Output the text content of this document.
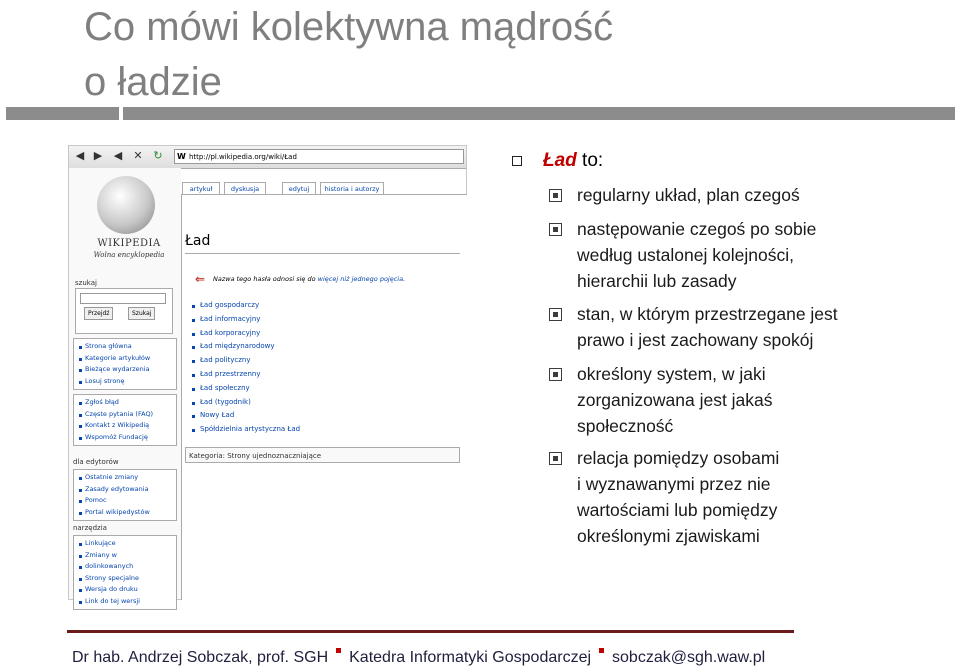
Co mówi kolektywna mądrość
o ładzie
◀ ▶ ◀ ✕ ↻ W http://pl.wikipedia.org/wiki/Ład
WIKIPEDIA
Wolna encyklopedia
szukaj
Przejdź	Szukaj
Strona główna
Kategorie artykułów
Bieżące wydarzenia
Losuj stronę
Zgłoś błąd
Częste pytania (FAQ)
Kontakt z Wikipedią
Wspomóż Fundację
dla edytorów
Ostatnie zmiany
Zasady edytowania
Pomoc
Portal wikipedystów
narzędzia
Linkujące
Zmiany w
dolinkowanych
Strony specjalne
Wersja do druku
Link do tej wersji
artykuł	dyskusja	edytuj	historia i autorzy
Ład
⇐ Nazwa tego hasła odnosi się do więcej niż jednego pojęcia.
Ład gospodarczy
Ład informacyjny
Ład korporacyjny
Ład międzynarodowy
Ład polityczny
Ład przestrzenny
Ład społeczny
Ład (tygodnik)
Nowy Ład
Spółdzielnia artystyczna Ład
Kategoria: Strony ujednoznaczniające
Ład to:
regularny układ, plan czegoś
następowanie czegoś po sobie
według ustalonej kolejności,
hierarchii lub zasady
stan, w którym przestrzegane jest
prawo i jest zachowany spokój
określony system, w jaki
zorganizowana jest jakaś
społeczność
relacja pomiędzy osobami
i wyznawanymi przez nie
wartościami lub pomiędzy
określonymi zjawiskami
Dr hab. Andrzej Sobczak, prof. SGH Katedra Informatyki Gospodarczej sobczak@sgh.waw.pl
